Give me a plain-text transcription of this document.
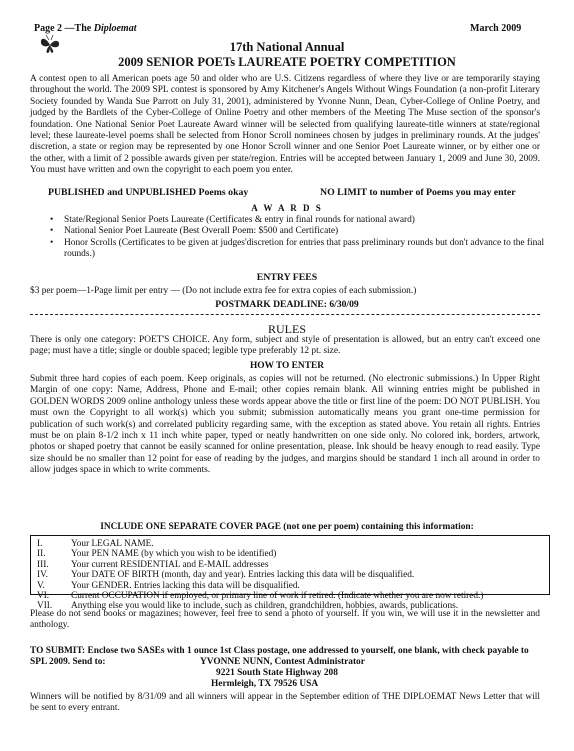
Page 2 —The Diploemat	March 2009
17th National Annual
2009 SENIOR POETs LAUREATE POETRY COMPETITION
A contest open to all American poets age 50 and older who are U.S. Citizens regardless of where they live or are temporarily staying throughout the world. The 2009 SPL contest is sponsored by Amy Kitchener's Angels Without Wings Foundation (a non-profit Literary Society founded by Wanda Sue Parrott on July 31, 2001), administered by Yvonne Nunn, Dean, Cyber-College of Online Poetry, and judged by the Bardlets of the Cyber-College of Online Poetry and other members of the Meeting The Muse section of the sponsor's foundation. One National Senior Poet Laureate Award winner will be selected from qualifying laureate-title winners at state/regional level; these laureate-level poems shall be selected from Honor Scroll nominees chosen by judges in preliminary rounds. At the judges' discretion, a state or region may be represented by one Honor Scroll winner and one Senior Poet Laureate winner, or by either one or the other, with a limit of 2 possible awards given per state/region. Entries will be accepted between January 1, 2009 and June 30, 2009. You must have written and own the copyright to each poem you enter.
PUBLISHED and UNPUBLISHED Poems okay	NO LIMIT to number of Poems you may enter
A W A R D S
• State/Regional Senior Poets Laureate (Certificates & entry in final rounds for national award)
• National Senior Poet Laureate (Best Overall Poem: $500 and Certificate)
• Honor Scrolls (Certificates to be given at judges'discretion for entries that pass preliminary rounds but don't advance to the final rounds.)
ENTRY FEES
$3 per poem—1-Page limit per entry — (Do not include extra fee for extra copies of each submission.)
POSTMARK DEADLINE: 6/30/09
RULES
There is only one category: POET'S CHOICE. Any form, subject and style of presentation is allowed, but an entry can't exceed one page; must have a title; single or double spaced; legible type preferably 12 pt. size.
HOW TO ENTER
Submit three hard copies of each poem. Keep originals, as copies will not be returned. (No electronic submissions.) In Upper Right Margin of one copy: Name, Address, Phone and E-mail; other copies remain blank. All winning entries might be published in GOLDEN WORDS 2009 online anthology unless these words appear above the title or first line of the poem: DO NOT PUBLISH. You must own the Copyright to all work(s) which you submit; submission automatically means you grant one-time permission for publication of such work(s) and correlated publicity regarding same, with the exception as stated above. You retain all rights. Entries must be on plain 8-1/2 inch x 11 inch white paper, typed or neatly handwritten on one side only. No colored ink, borders, artwork, photos or shaped poetry that cannot be easily scanned for online presentation, please. Ink should be heavy enough to read easily. Type size should be no smaller than 12 point for ease of reading by the judges, and margins should be standard 1 inch all around in order to allow judges space in which to write comments.
INCLUDE ONE SEPARATE COVER PAGE (not one per poem) containing this information:
I.	Your LEGAL NAME.
II.	Your PEN NAME (by which you wish to be identified)
III.	Your current RESIDENTIAL and E-MAIL addresses
IV.	Your DATE OF BIRTH (month, day and year). Entries lacking this data will be disqualified.
V.	Your GENDER. Entries lacking this data will be disqualified.
VI.	Current OCCUPATION if employed, or primary line of work if retired. (Indicate whether you are now retired.)
VII.	Anything else you would like to include, such as children, grandchildren, hobbies, awards, publications.
Please do not send books or magazines; however, feel free to send a photo of yourself. If you win, we will use it in the newsletter and anthology.
TO SUBMIT: Enclose two SASEs with 1 ounce 1st Class postage, one addressed to yourself, one blank, with check payable to SPL 2009. Send to:	YVONNE NUNN, Contest Administrator
9221 South State Highway 208
Hermleigh, TX 79526 USA
Winners will be notified by 8/31/09 and all winners will appear in the September edition of THE DIPLOEMAT News Letter that will be sent to every entrant.
